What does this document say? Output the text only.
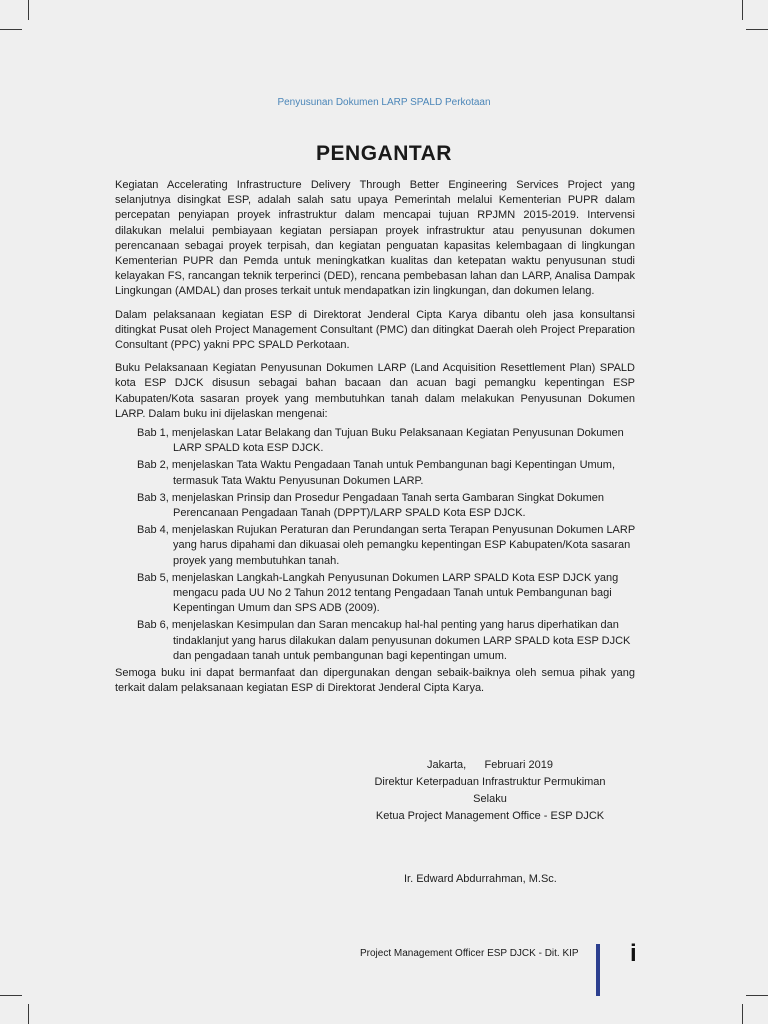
Penyusunan Dokumen LARP SPALD Perkotaan
PENGANTAR

Kegiatan Accelerating Infrastructure Delivery Through Better Engineering Services Project yang selanjutnya disingkat ESP, adalah salah satu upaya Pemerintah melalui Kementerian PUPR dalam percepatan penyiapan proyek infrastruktur dalam mencapai tujuan RPJMN 2015-2019. Intervensi dilakukan melalui pembiayaan kegiatan persiapan proyek infrastruktur atau penyusunan dokumen perencanaan sebagai proyek terpisah, dan kegiatan penguatan kapasitas kelembagaan di lingkungan Kementerian PUPR dan Pemda untuk meningkatkan kualitas dan ketepatan waktu penyusunan studi kelayakan FS, rancangan teknik terperinci (DED), rencana pembebasan lahan dan LARP, Analisa Dampak Lingkungan (AMDAL) dan proses terkait untuk mendapatkan izin lingkungan, dan dokumen lelang.

Dalam pelaksanaan kegiatan ESP di Direktorat Jenderal Cipta Karya dibantu oleh jasa konsultansi ditingkat Pusat oleh Project Management Consultant (PMC) dan ditingkat Daerah oleh Project Preparation Consultant (PPC) yakni PPC SPALD Perkotaan.

Buku Pelaksanaan Kegiatan Penyusunan Dokumen LARP (Land Acquisition Resettlement Plan) SPALD kota ESP DJCK disusun sebagai bahan bacaan dan acuan bagi pemangku kepentingan ESP Kabupaten/Kota sasaran proyek yang membutuhkan tanah dalam melakukan Penyusunan Dokumen LARP. Dalam buku ini dijelaskan mengenai:

Bab 1, menjelaskan Latar Belakang dan Tujuan Buku Pelaksanaan Kegiatan Penyusunan Dokumen LARP SPALD kota ESP DJCK.
Bab 2, menjelaskan Tata Waktu Pengadaan Tanah untuk Pembangunan bagi Kepentingan Umum, termasuk Tata Waktu Penyusunan Dokumen LARP.
Bab 3, menjelaskan Prinsip dan Prosedur Pengadaan Tanah serta Gambaran Singkat Dokumen Perencanaan Pengadaan Tanah (DPPT)/LARP SPALD Kota ESP DJCK.
Bab 4, menjelaskan Rujukan Peraturan dan Perundangan serta Terapan Penyusunan Dokumen LARP yang harus dipahami dan dikuasai oleh pemangku kepentingan ESP Kabupaten/Kota sasaran proyek yang membutuhkan tanah.
Bab 5, menjelaskan Langkah-Langkah Penyusunan Dokumen LARP SPALD Kota ESP DJCK yang mengacu pada UU No 2 Tahun 2012 tentang Pengadaan Tanah untuk Pembangunan bagi Kepentingan Umum dan SPS ADB (2009).
Bab 6, menjelaskan Kesimpulan dan Saran mencakup hal-hal penting yang harus diperhatikan dan tindaklanjut yang harus dilakukan dalam penyusunan dokumen LARP SPALD kota ESP DJCK dan pengadaan tanah untuk pembangunan bagi kepentingan umum.

Semoga buku ini dapat bermanfaat dan dipergunakan dengan sebaik-baiknya oleh semua pihak yang terkait dalam pelaksanaan kegiatan ESP di Direktorat Jenderal Cipta Karya.

Jakarta,      Februari 2019
Direktur Keterpaduan Infrastruktur Permukiman
Selaku
Ketua Project Management Office - ESP DJCK
Ir. Edward Abdurrahman, M.Sc.
Project Management Officer ESP DJCK - Dit. KIP i
